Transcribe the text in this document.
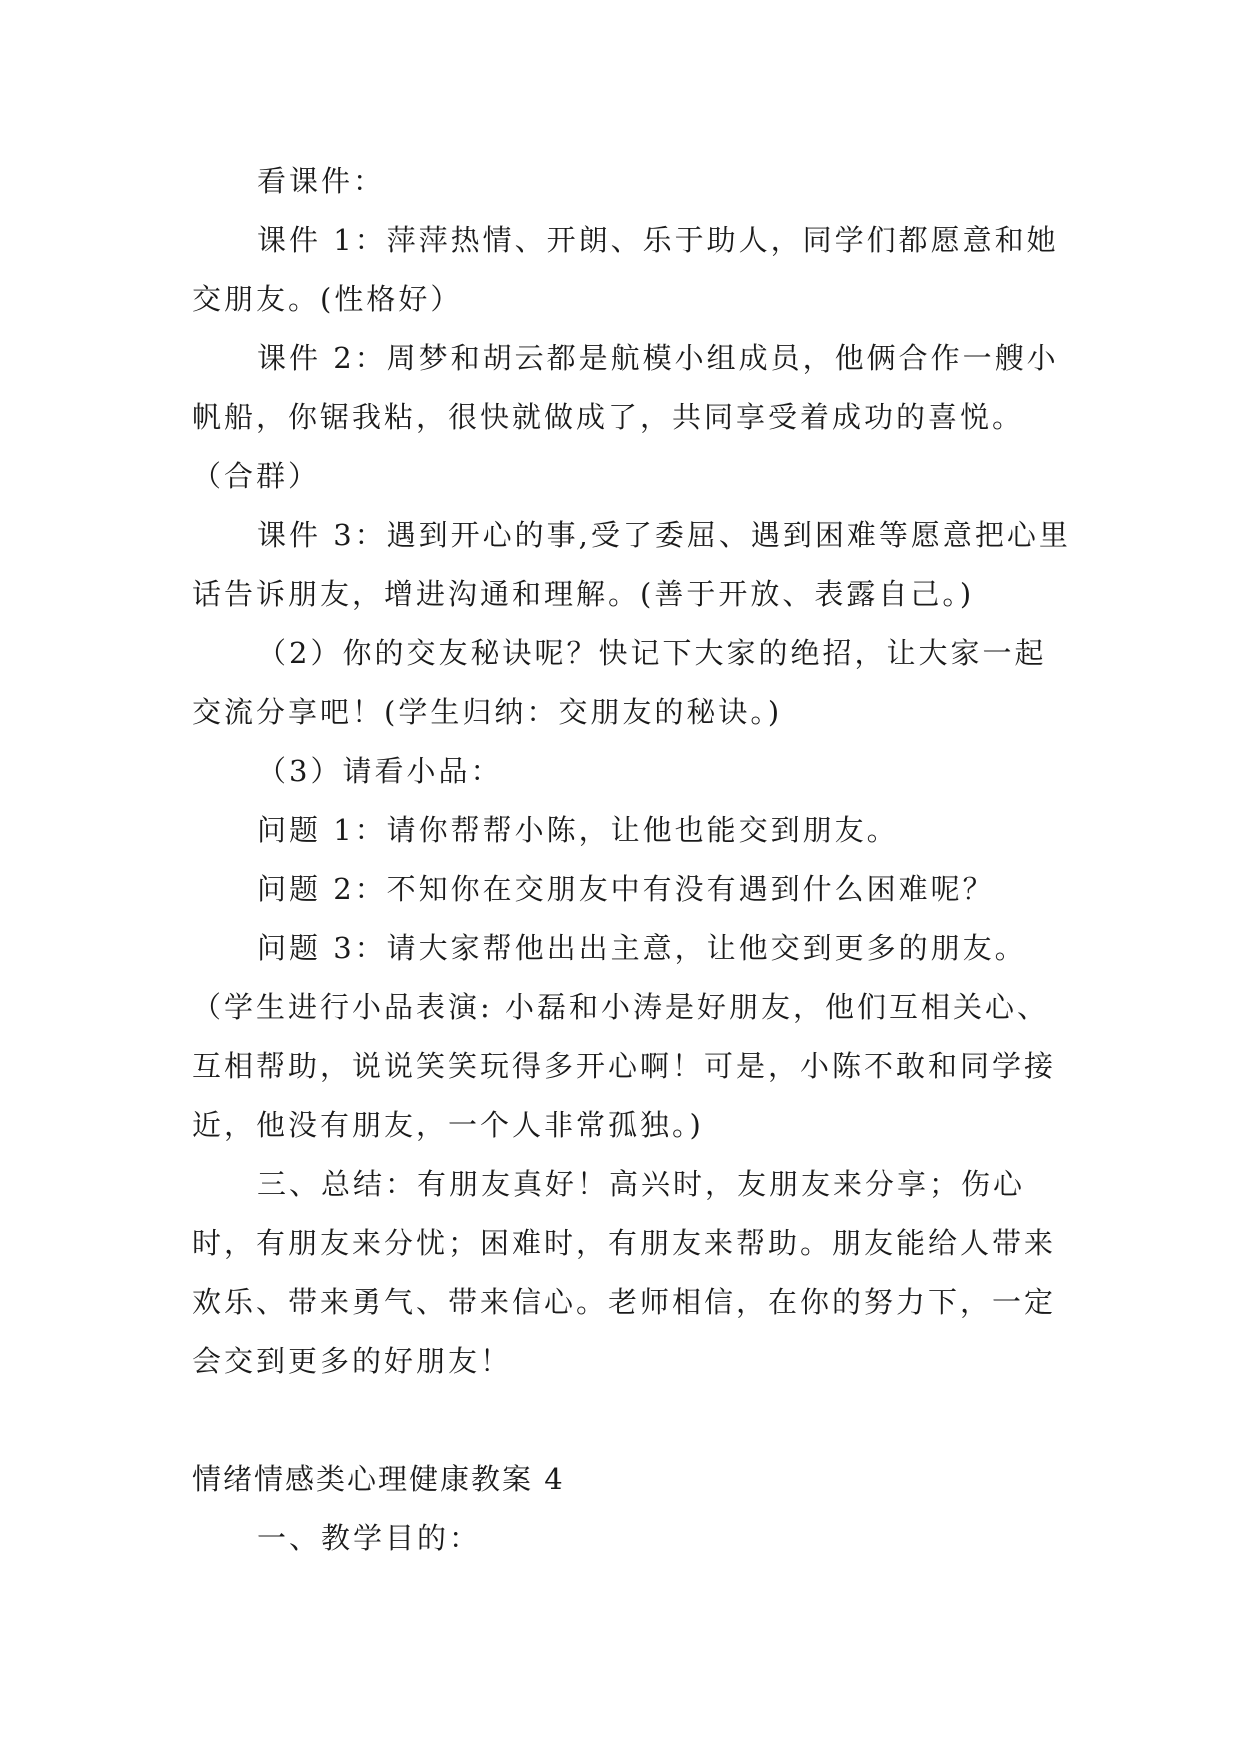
看课件：

课件 1：萍萍热情、开朗、乐于助人，同学们都愿意和她交朋友。(性格好）

课件 2：周梦和胡云都是航模小组成员，他俩合作一艘小帆船，你锯我粘，很快就做成了，共同享受着成功的喜悦。（合群）

课件 3：遇到开心的事,受了委屈、遇到困难等愿意把心里话告诉朋友，增进沟通和理解。(善于开放、表露自己。)

（2）你的交友秘诀呢？快记下大家的绝招，让大家一起交流分享吧！(学生归纳：交朋友的秘诀。)

（3）请看小品：

问题 1：请你帮帮小陈，让他也能交到朋友。

问题 2：不知你在交朋友中有没有遇到什么困难呢？

问题 3：请大家帮他出出主意，让他交到更多的朋友。（学生进行小品表演: 小磊和小涛是好朋友，他们互相关心、互相帮助，说说笑笑玩得多开心啊！可是，小陈不敢和同学接近，他没有朋友，一个人非常孤独。)

三、总结：有朋友真好！高兴时，友朋友来分享；伤心时，有朋友来分忧；困难时，有朋友来帮助。朋友能给人带来欢乐、带来勇气、带来信心。老师相信，在你的努力下，一定会交到更多的好朋友！

情绪情感类心理健康教案 4

一、教学目的：
